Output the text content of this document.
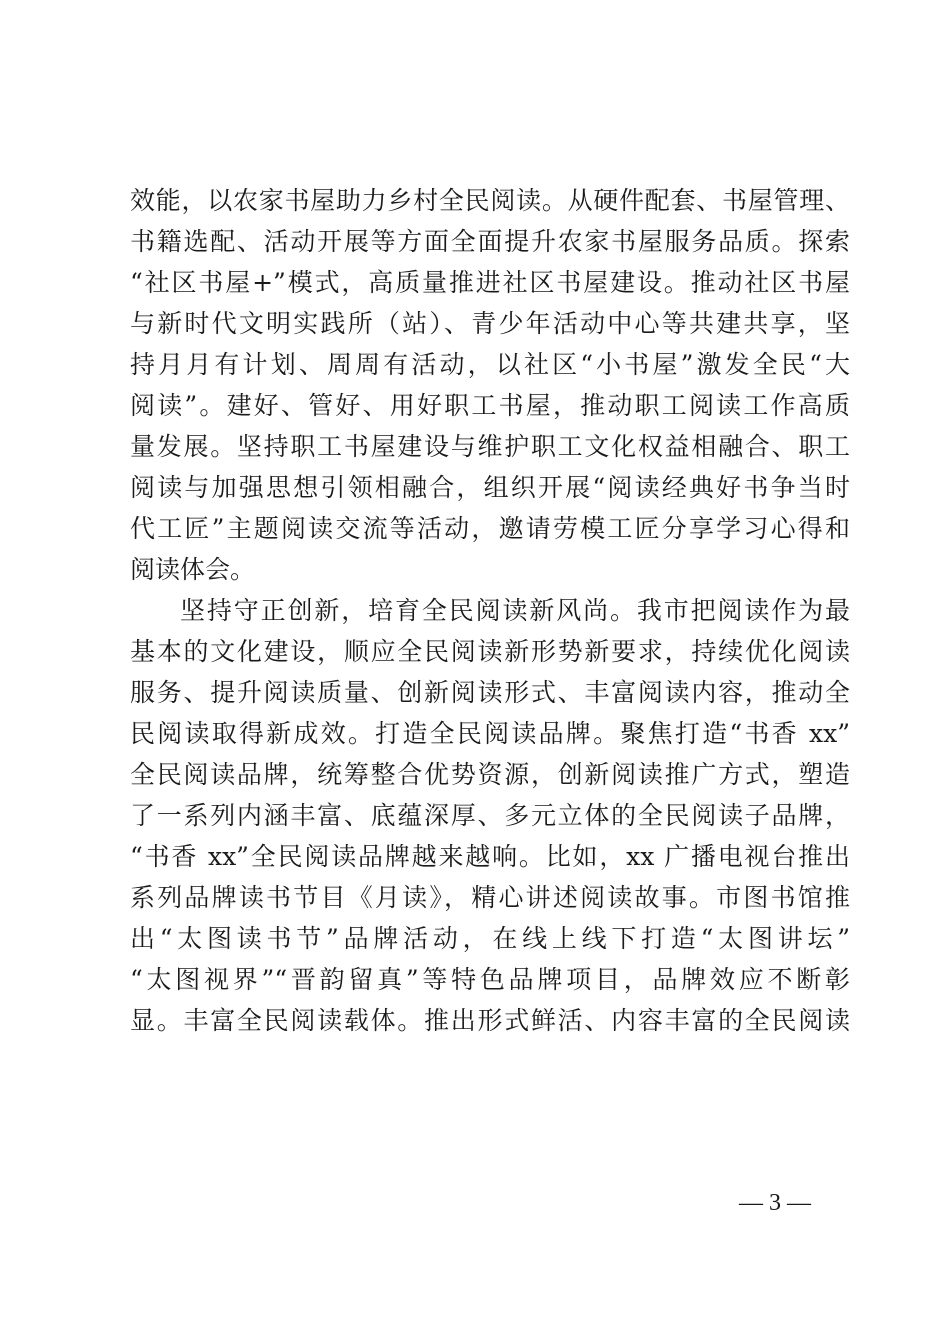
效能，以农家书屋助力乡村全民阅读。从硬件配套、书屋管理、
书籍选配、活动开展等方面全面提升农家书屋服务品质。探索
“社区书屋+”模式，高质量推进社区书屋建设。推动社区书屋
与新时代文明实践所（站）、青少年活动中心等共建共享，坚
持月月有计划、周周有活动，以社区“小书屋”激发全民“大
阅读”。建好、管好、用好职工书屋，推动职工阅读工作高质
量发展。坚持职工书屋建设与维护职工文化权益相融合、职工
阅读与加强思想引领相融合，组织开展“阅读经典好书争当时
代工匠”主题阅读交流等活动，邀请劳模工匠分享学习心得和
阅读体会。
坚持守正创新，培育全民阅读新风尚。我市把阅读作为最
基本的文化建设，顺应全民阅读新形势新要求，持续优化阅读
服务、提升阅读质量、创新阅读形式、丰富阅读内容，推动全
民阅读取得新成效。打造全民阅读品牌。聚焦打造“书香 xx”
全民阅读品牌，统筹整合优势资源，创新阅读推广方式，塑造
了一系列内涵丰富、底蕴深厚、多元立体的全民阅读子品牌，
“书香 xx”全民阅读品牌越来越响。比如，xx 广播电视台推出
系列品牌读书节目《月读》，精心讲述阅读故事。市图书馆推
出“太图读书节”品牌活动，在线上线下打造“太图讲坛”
“太图视界”“晋韵留真”等特色品牌项目，品牌效应不断彰
显。丰富全民阅读载体。推出形式鲜活、内容丰富的全民阅读
— 3 —
